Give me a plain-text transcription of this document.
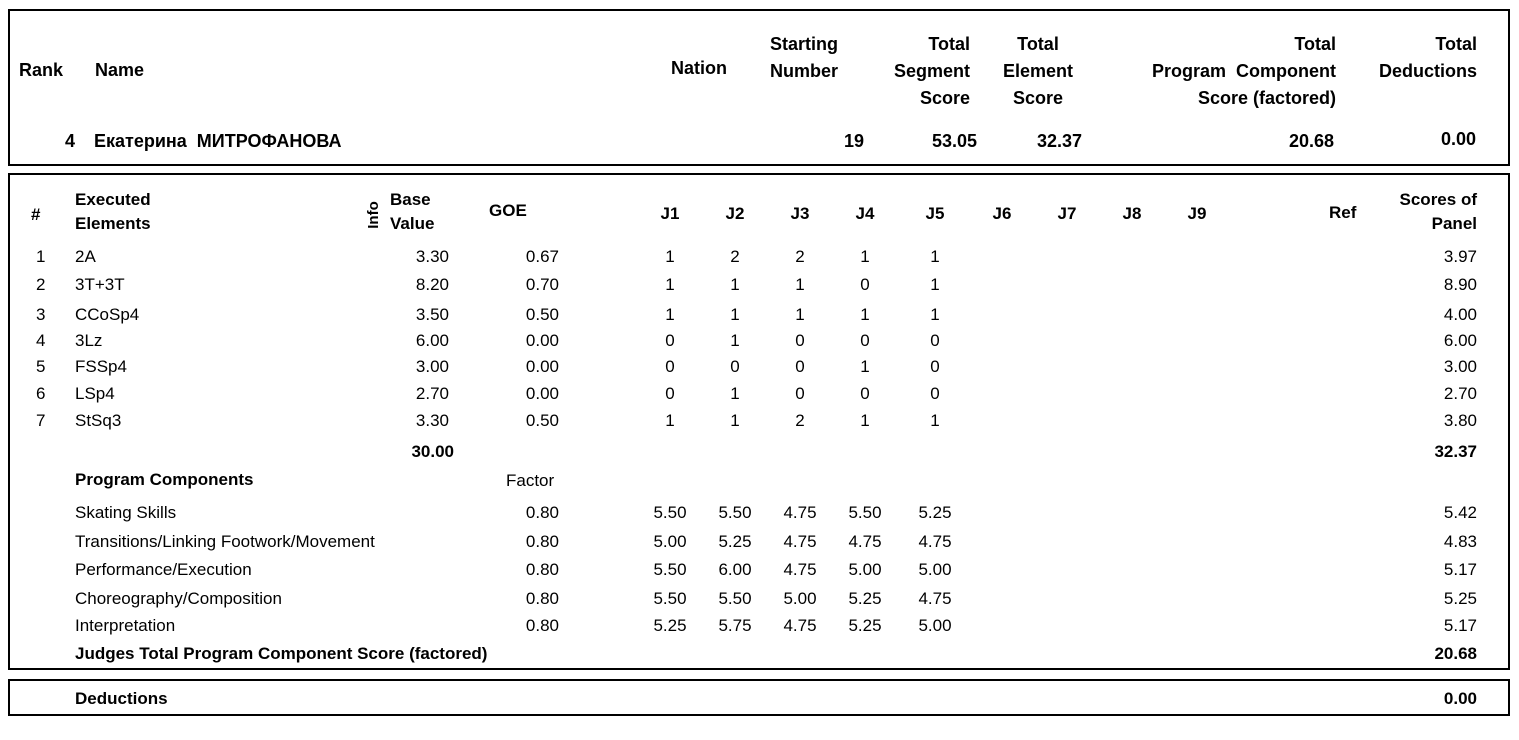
Rank Name	Nation
Starting
Number
Total
Segment
Score
Total
Element
Score
Total
Program  Component
Score (factored)
Total
Deductions
4 Екатерина  МИТРОФАНОВА	19	53.05	32.37	20.68	0.00
#
Executed
Elements	Info
Base
Value
GOE	J1	J2	J3	J4	J5	J6	J7	J8	J9	Ref
Scores of
Panel
1 2A	3.30	0.67	1	2	2	1	1	3.97
2 3T+3T	8.20	0.70	1	1	1	0	1	8.90
3 CCoSp4	3.50	0.50	1	1	1	1	1	4.00
4 3Lz	6.00	0.00	0	1	0	0	0	6.00
5 FSSp4	3.00	0.00	0	0	0	1	0	3.00
6 LSp4	2.70	0.00	0	1	0	0	0	2.70
7 StSq3	3.30	0.50	1	1	2	1	1	3.80
30.00	32.37
Program Components	Factor
Skating Skills	0.80	5.50	5.50	4.75	5.50	5.25	5.42
Transitions/Linking Footwork/Movement	0.80	5.00	5.25	4.75	4.75	4.75	4.83
Performance/Execution	0.80	5.50	6.00	4.75	5.00	5.00	5.17
Choreography/Composition	0.80	5.50	5.50	5.00	5.25	4.75	5.25
Interpretation	0.80	5.25	5.75	4.75	5.25	5.00	5.17
Judges Total Program Component Score (factored)	20.68
Deductions	0.00
